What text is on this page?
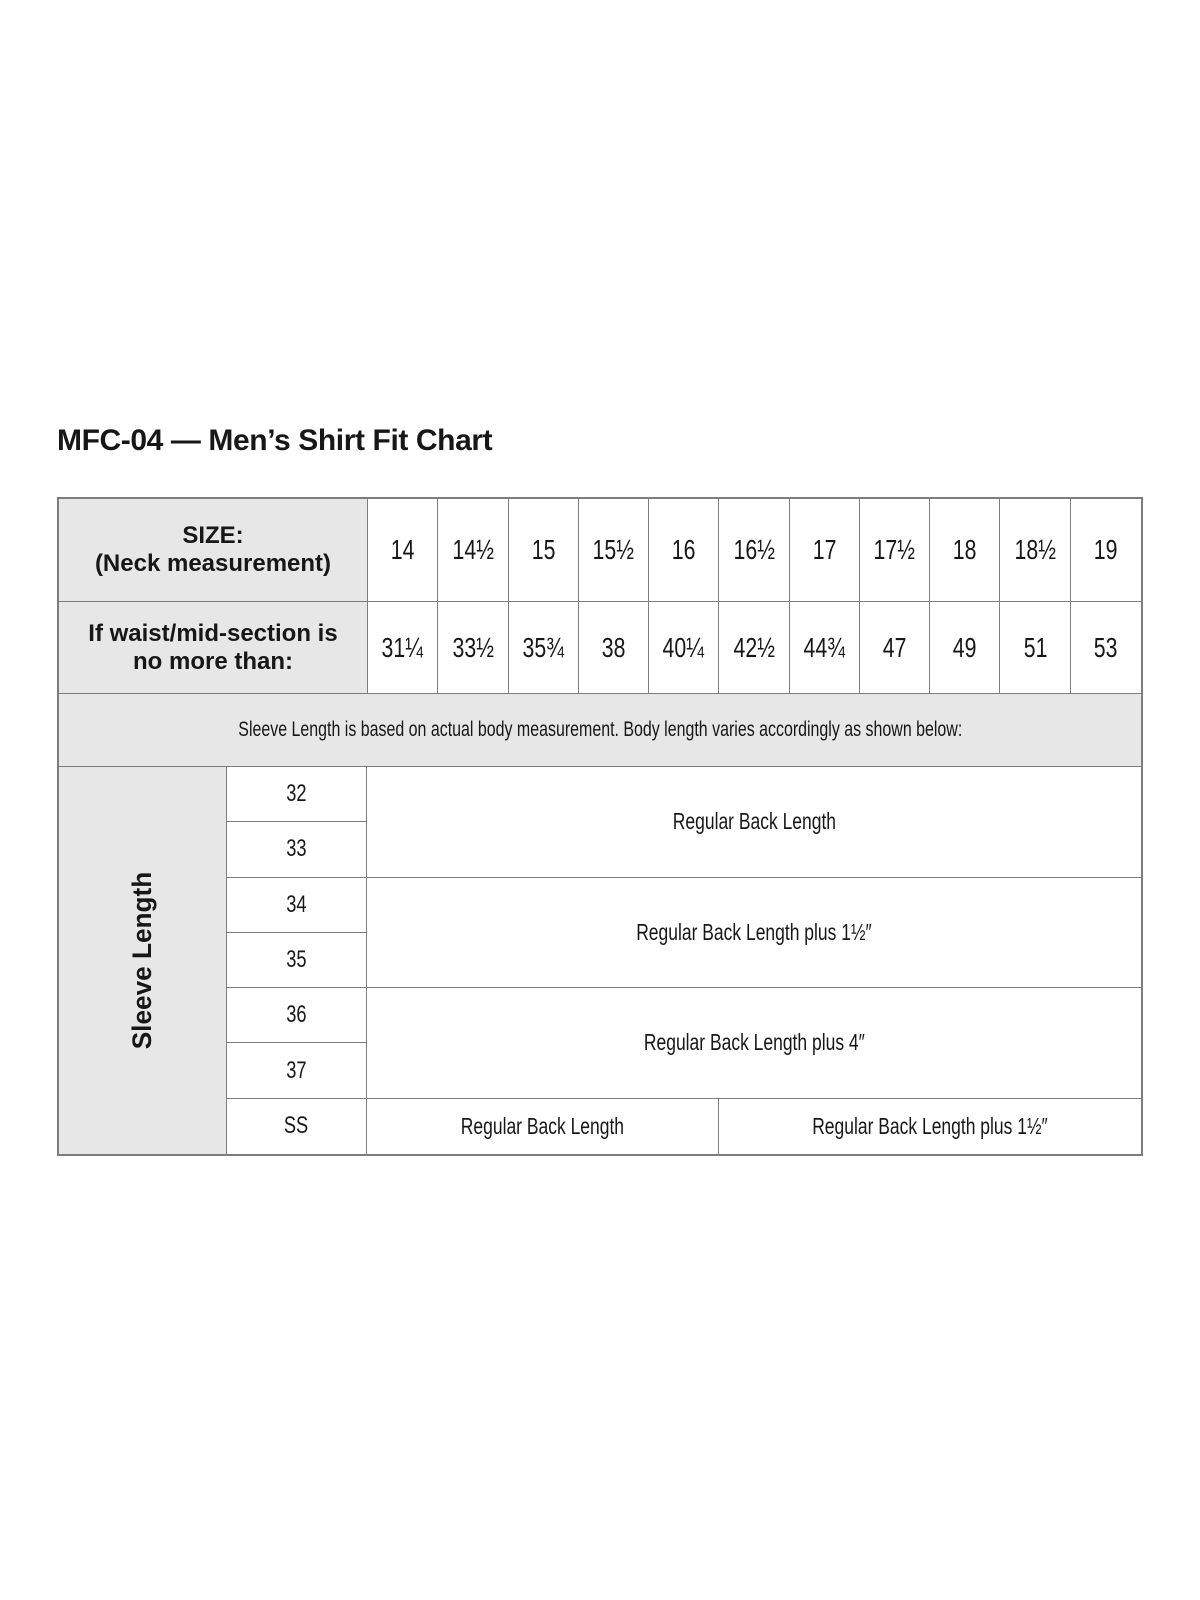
MFC-04 — Men’s Shirt Fit Chart
SIZE:
(Neck measurement) 14 14½ 15 15½ 16 16½ 17 17½ 18 18½ 19
If waist/mid-section is
no more than:	31¼ 33½ 35¾ 38 40¼ 42½ 44¾ 47 49 51 53
Sleeve Length is based on actual body measurement. Body length varies accordingly as shown below:
Sleeve Length
32
33
34
35
36
37
SS
Regular Back Length
Regular Back Length plus 1½″
Regular Back Length plus 4″
Regular Back Length	Regular Back Length plus 1½″
